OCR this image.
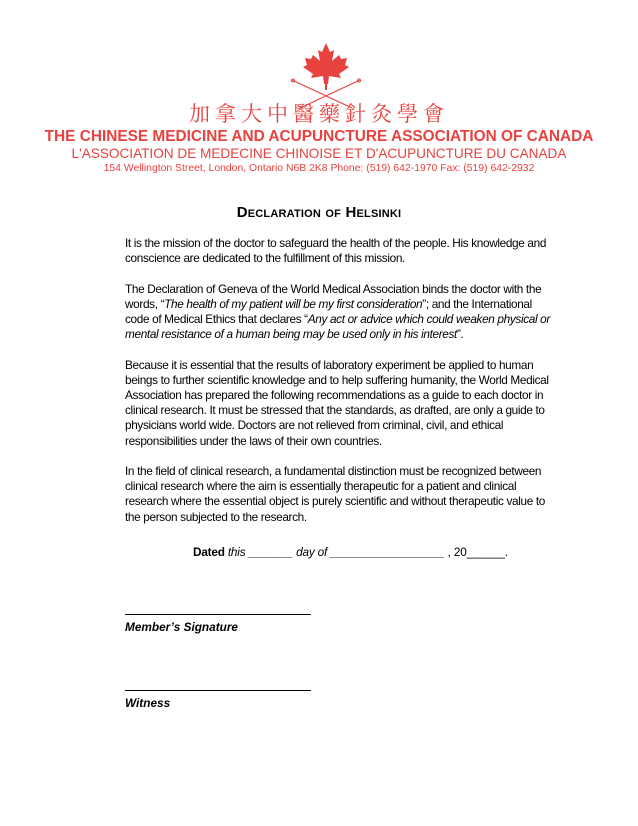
加拿大中醫藥針灸學會
THE CHINESE MEDICINE AND ACUPUNCTURE ASSOCIATION OF CANADA
L'ASSOCIATION DE MEDECINE CHINOISE ET D'ACUPUNCTURE DU CANADA
154 Wellington Street, London, Ontario N6B 2K8 Phone: (519) 642-1970 Fax: (519) 642-2932
Declaration of Helsinki

It is the mission of the doctor to safeguard the health of the people. His knowledge and conscience are dedicated to the fulfillment of this mission.

The Declaration of Geneva of the World Medical Association binds the doctor with the words, “The health of my patient will be my first consideration”; and the International code of Medical Ethics that declares “Any act or advice which could weaken physical or mental resistance of a human being may be used only in his interest”.

Because it is essential that the results of laboratory experiment be applied to human beings to further scientific knowledge and to help suffering humanity, the World Medical Association has prepared the following recommendations as a guide to each doctor in clinical research. It must be stressed that the standards, as drafted, are only a guide to physicians world wide. Doctors are not relieved from criminal, civil, and ethical responsibilities under the laws of their own countries.

In the field of clinical research, a fundamental distinction must be recognized between clinical research where the aim is essentially therapeutic for a patient and clinical research where the essential object is purely scientific and without therapeutic value to the person subjected to the research.

Dated this _______ day of __________________ , 20______.
Member’s Signature
Witness
